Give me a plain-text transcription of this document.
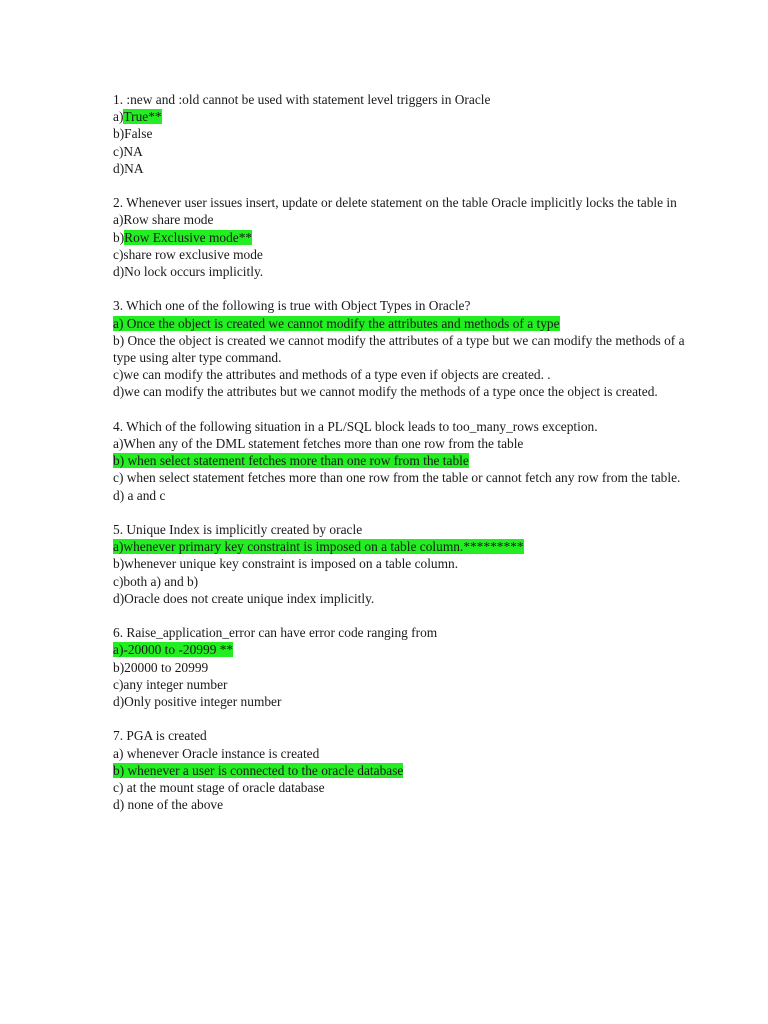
1. :new and :old cannot be used with statement level triggers in Oracle
a)True**
b)False
c)NA
d)NA
2. Whenever user issues insert, update or delete statement on the table Oracle implicitly locks the table in
a)Row share mode
b)Row Exclusive mode**
c)share row exclusive mode
d)No lock occurs implicitly.
3. Which one of the following is true with Object Types in Oracle?
a) Once the object is created we cannot modify the attributes and methods of a type
b) Once the object is created we cannot modify the attributes of a type but we can modify the methods of a type using alter type command.
c)we can modify the attributes and methods of a type even if objects are created. .
d)we can modify the attributes but we cannot modify the methods of a type once the object is created.
4. Which of the following situation in a PL/SQL block leads to too_many_rows exception.
a)When any of the DML statement fetches more than one row from the table
b) when select statement fetches more than one row from the table
c) when select statement fetches more than one row from the table or cannot fetch any row from the table.
d) a and c
5. Unique Index is implicitly created by oracle
a)whenever primary key constraint is imposed on a table column.*********
b)whenever unique key constraint is imposed on a table column.
c)both a) and b)
d)Oracle does not create unique index implicitly.
6. Raise_application_error can have error code ranging from
a)-20000 to -20999 **
b)20000 to 20999
c)any integer number
d)Only positive integer number
7. PGA is created
a) whenever Oracle instance is created
b) whenever a user is connected to the oracle database
c) at the mount stage of oracle database
d) none of the above
